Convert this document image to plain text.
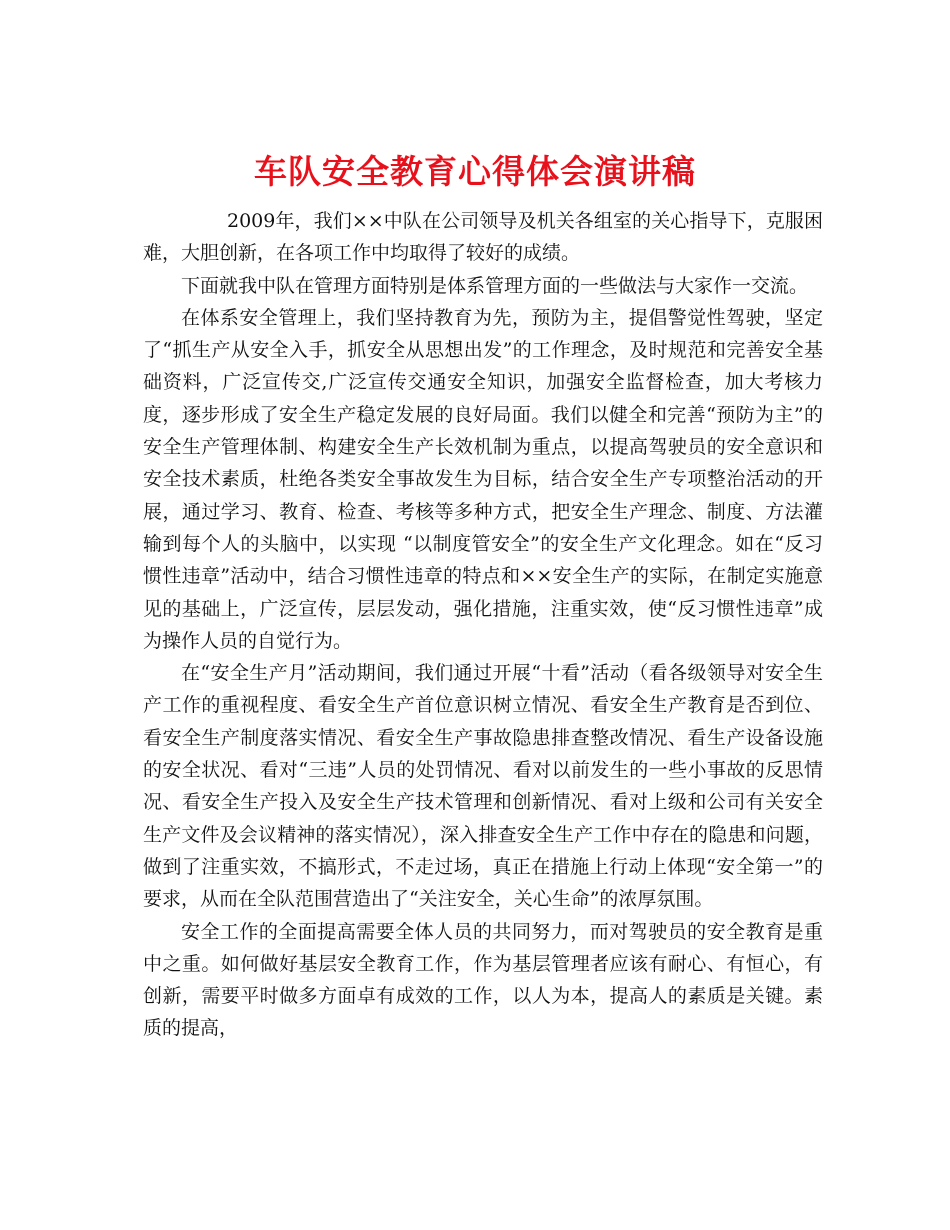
车队安全教育心得体会演讲稿

2009年，我们××中队在公司领导及机关各组室的关心指导下，克服困难，大胆创新，在各项工作中均取得了较好的成绩。

下面就我中队在管理方面特别是体系管理方面的一些做法与大家作一交流。

在体系安全管理上，我们坚持教育为先，预防为主，提倡警觉性驾驶，坚定了“抓生产从安全入手，抓安全从思想出发”的工作理念，及时规范和完善安全基础资料，广泛宣传交,广泛宣传交通安全知识，加强安全监督检查，加大考核力度，逐步形成了安全生产稳定发展的良好局面。我们以健全和完善“预防为主”的安全生产管理体制、构建安全生产长效机制为重点，以提高驾驶员的安全意识和安全技术素质，杜绝各类安全事故发生为目标，结合安全生产专项整治活动的开展，通过学习、教育、检查、考核等多种方式，把安全生产理念、制度、方法灌输到每个人的头脑中，以实现 “以制度管安全”的安全生产文化理念。如在“反习惯性违章”活动中，结合习惯性违章的特点和××安全生产的实际，在制定实施意见的基础上，广泛宣传，层层发动，强化措施，注重实效，使“反习惯性违章”成为操作人员的自觉行为。

在“安全生产月”活动期间，我们通过开展“十看”活动（看各级领导对安全生产工作的重视程度、看安全生产首位意识树立情况、看安全生产教育是否到位、看安全生产制度落实情况、看安全生产事故隐患排查整改情况、看生产设备设施的安全状况、看对“三违”人员的处罚情况、看对以前发生的一些小事故的反思情况、看安全生产投入及安全生产技术管理和创新情况、看对上级和公司有关安全生产文件及会议精神的落实情况），深入排查安全生产工作中存在的隐患和问题，做到了注重实效，不搞形式，不走过场，真正在措施上行动上体现“安全第一”的要求，从而在全队范围营造出了“关注安全，关心生命”的浓厚氛围。

安全工作的全面提高需要全体人员的共同努力，而对驾驶员的安全教育是重中之重。如何做好基层安全教育工作，作为基层管理者应该有耐心、有恒心，有创新，需要平时做多方面卓有成效的工作，以人为本，提高人的素质是关键。素质的提高，
